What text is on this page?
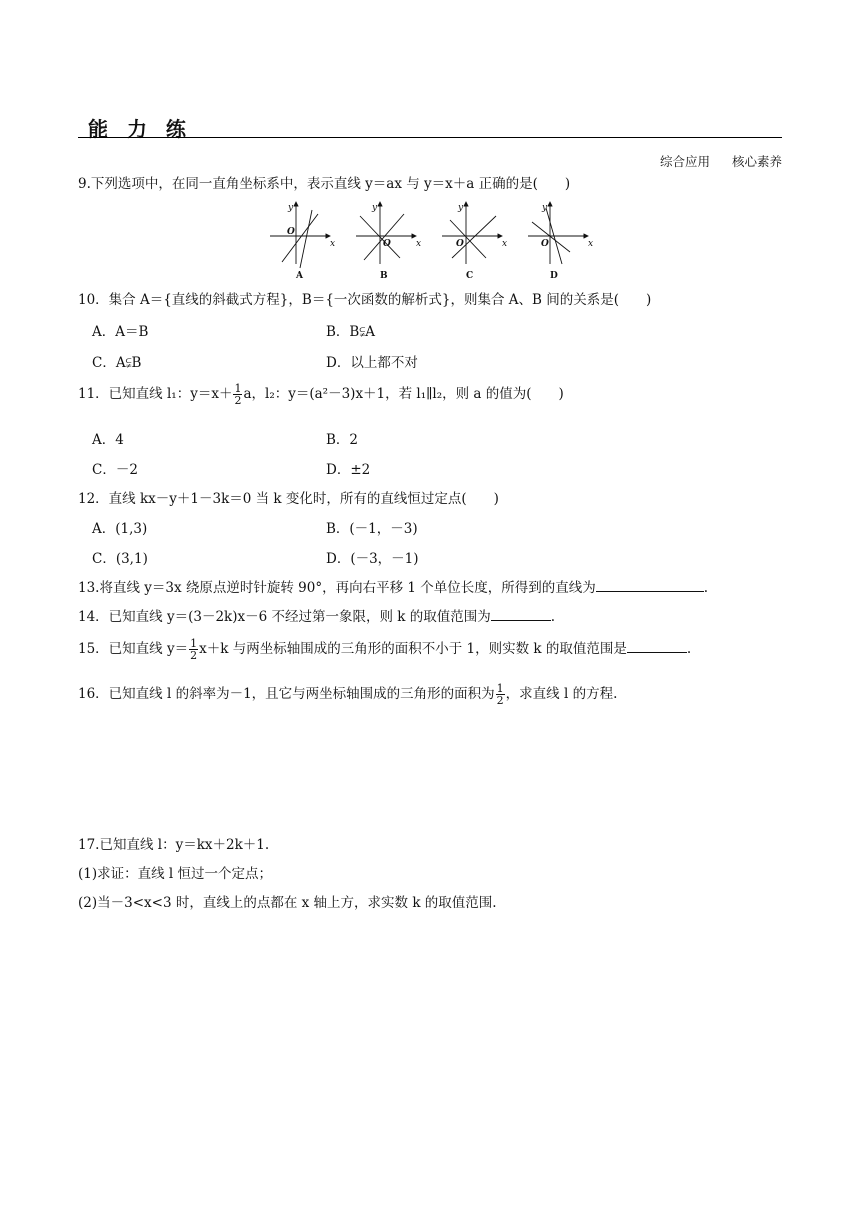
能 力 练
综合应用 核心素养
9.下列选项中，在同一直角坐标系中，表示直线 y＝ax 与 y＝x＋a 正确的是(　　)
y
x
O
A
y
x
O
B
y
x
O
C
y
x
O
D
10．集合 A＝{直线的斜截式方程}，B＝{一次函数的解析式}，则集合 A、B 间的关系是(　　)
A．A＝B	B．B⫋A
C．A⫋B	D．以上都不对
11．已知直线 l₁：$y=x+ \frac{1}{2}$ a，l₂：y＝(a²－3)x＋1，若 l₁∥l₂，则 a 的值为(　　)
A．4	B．2
C．－2	D．±2
12．直线 kx－y＋1－3k＝0 当 k 变化时，所有的直线恒过定点(　　)
A．(1,3)	B．(－1，－3)
C．(3,1)	D．(－3，－1)
13.将直线 y＝3x 绕原点逆时针旋转 90°，再向右平移 1 个单位长度，所得到的直线为	.
14．已知直线 y＝(3－2k)x－6 不经过第一象限，则 k 的取值范围为	.
15．已知直线 $y= \frac{1}{2} x+k$ 与两坐标轴围成的三角形的面积不小于 1，则实数 k 的取值范围是	.
16．已知直线 l 的斜率为－1，且它与两坐标轴围成的三角形的面积为 $\frac{1}{2}$ ，求直线 l 的方程.
17.已知直线 l：y＝kx＋2k＋1.
(1)求证：直线 l 恒过一个定点；
(2)当－3<x<3 时，直线上的点都在 x 轴上方，求实数 k 的取值范围.
